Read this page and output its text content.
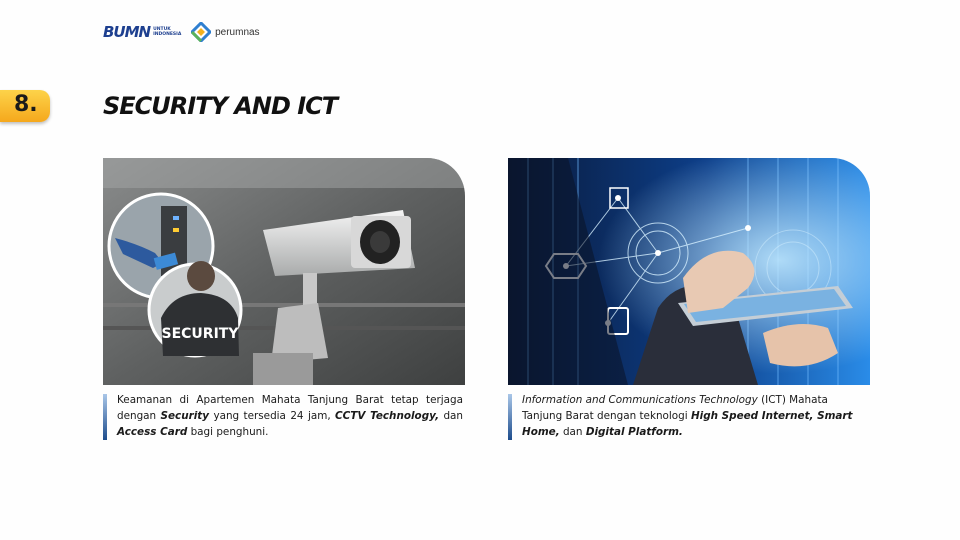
BUMN UNTUK
INDONESIA	perumnas
8.	SECURITY AND ICT
SECURITY
Keamanan di Apartemen Mahata Tanjung Barat tetap terjaga dengan Security yang tersedia 24 jam, CCTV Technology, dan Access Card bagi penghuni.
Information and Communications Technology (ICT) Mahata Tanjung Barat dengan teknologi High Speed Internet, Smart Home, dan Digital Platform.
